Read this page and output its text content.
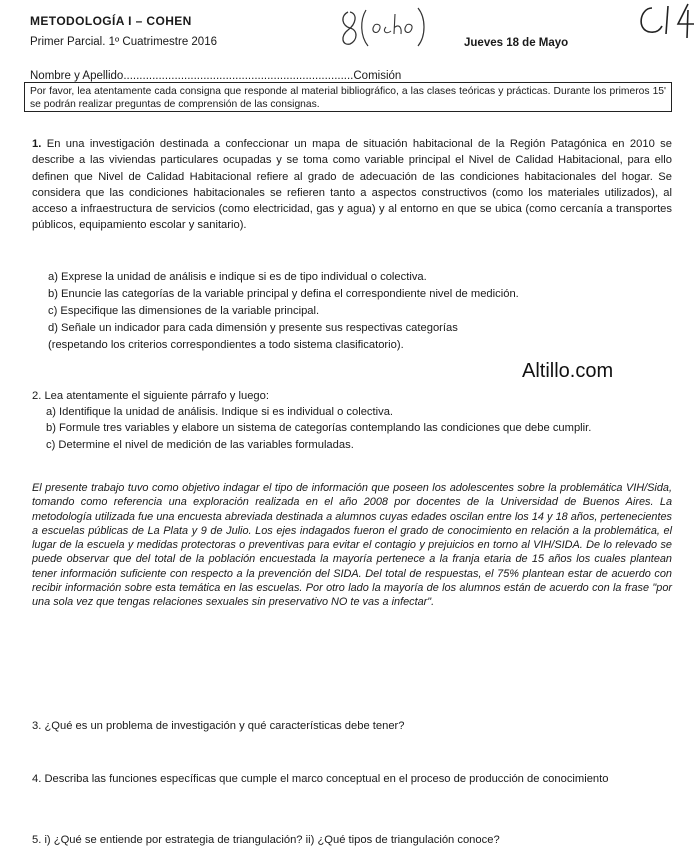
METODOLOGÍA I – COHEN
Primer Parcial. 1º Cuatrimestre 2016	Jueves 18 de Mayo
Nombre y Apellido........................................................................Comisión
Por favor, lea atentamente cada consigna que responde al material bibliográfico, a las clases teóricas y prácticas. Durante los primeros 15' se podrán realizar preguntas de comprensión de las consignas.
1. En una investigación destinada a confeccionar un mapa de situación habitacional de la Región Patagónica en 2010 se describe a las viviendas particulares ocupadas y se toma como variable principal el Nivel de Calidad Habitacional, para ello definen que Nivel de Calidad Habitacional refiere al grado de adecuación de las condiciones habitacionales del hogar. Se considera que las condiciones habitacionales se refieren tanto a aspectos constructivos (como los materiales utilizados), al acceso a infraestructura de servicios (como electricidad, gas y agua) y al entorno en que se ubica (como cercanía a transportes públicos, equipamiento escolar y sanitario).
a) Exprese la unidad de análisis e indique si es de tipo individual o colectiva.
b) Enuncie las categorías de la variable principal y defina el correspondiente nivel de medición.
c) Especifique las dimensiones de la variable principal.
d) Señale un indicador para cada dimensión y presente sus respectivas categorías
(respetando los criterios correspondientes a todo sistema clasificatorio).
Altillo.com
2. Lea atentamente el siguiente párrafo y luego:
a) Identifique la unidad de análisis. Indique si es individual o colectiva.
b) Formule tres variables y elabore un sistema de categorías contemplando las condiciones que debe cumplir.
c) Determine el nivel de medición de las variables formuladas.
El presente trabajo tuvo como objetivo indagar el tipo de información que poseen los adolescentes sobre la problemática VIH/Sida, tomando como referencia una exploración realizada en el año 2008 por docentes de la Universidad de Buenos Aires. La metodología utilizada fue una encuesta abreviada destinada a alumnos cuyas edades oscilan entre los 14 y 18 años, pertenecientes a escuelas públicas de La Plata y 9 de Julio. Los ejes indagados fueron el grado de conocimiento en relación a la problemática, el lugar de la escuela y medidas protectoras o preventivas para evitar el contagio y prejuicios en torno al VIH/SIDA. De lo relevado se puede observar que del total de la población encuestada la mayoría pertenece a la franja etaria de 15 años los cuales plantean tener información suficiente con respecto a la prevención del SIDA. Del total de respuestas, el 75% plantean estar de acuerdo con recibir información sobre esta temática en las escuelas. Por otro lado la mayoría de los alumnos están de acuerdo con la frase "por una sola vez que tengas relaciones sexuales sin preservativo NO te vas a infectar".
3. ¿Qué es un problema de investigación y qué características debe tener?
4. Describa las funciones específicas que cumple el marco conceptual en el proceso de producción de conocimiento
5. i) ¿Qué se entiende por estrategia de triangulación? ii) ¿Qué tipos de triangulación conoce?
